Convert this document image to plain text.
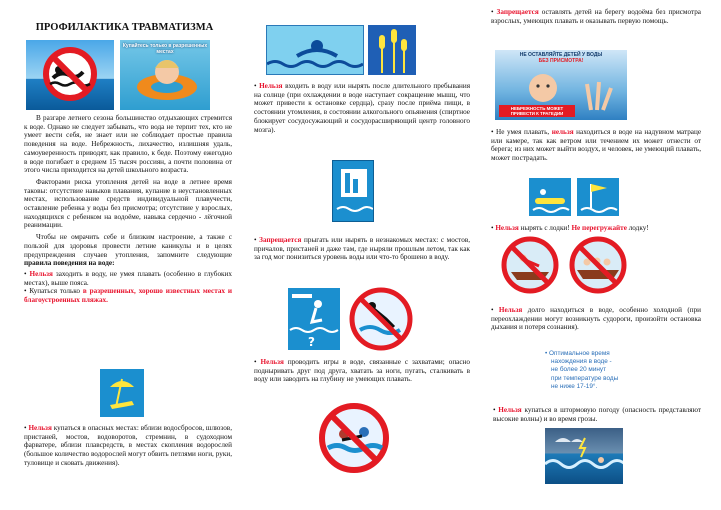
ПРОФИЛАКТИКА ТРАВМАТИЗМА
Купайтесь только в разрешенных местах

В разгаре летнего сезона большинство отдыхающих стремится к воде. Однако не следует забывать, что вода не терпит тех, кто не умеет вести себя, не знает или не соблюдает простые правила поведения на воде. Небрежность, лихачество, излишняя удаль, самоуверенность приводят, как правило, к беде. Поэтому ежегодно в воде погибает в среднем 15 тысяч россиян, а почти половина от этого числа приходится на детей школьного возраста.

Факторами риска утопления детей на воде в летнее время таковы: отсутствие навыков плавания, купание в неустановленных местах, использование средств индивидуальной плавучести, оставление ребенка у воды без присмотра; отсутствие у взрослых, находящихся с ребенком на водоёме, навыка сердечно - лёгочной реанимации.

Чтобы не омрачить себе и близким настроение, а также с пользой для здоровья провести летние каникулы и в целях предупреждения случаев утопления, запомните следующие правила поведения на воде:

• Нельзя заходить в воду, не умея плавать (особенно в глубоких местах), выше пояса.

• Купаться только в разрешенных, хорошо известных местах и благоустроенных пляжах.

• Нельзя купаться в опасных местах: вблизи водосбросов, шлюзов, пристаней, мостов, водоворотов, стремнин, в судоходном фарватере, вблизи плавсредств, в местах скопления водорослей (большое количество водорослей могут обвить петлями ноги, руки, туловище и сковать движения).

• Нельзя входить в воду или нырять после длительного пребывания на солнце (при охлаждении в воде наступает сокращение мышц, что может привести к остановке сердца), сразу после приёма пищи, в состоянии утомления, в состоянии алкогольного опьянения (спиртное блокирует сосудосужающий и сосудорасширяющий центр головного мозга).

• Запрещается прыгать или нырять в незнакомых местах: с мостов, причалов, пристаней и даже там, где ныряли прошлым летом, так как за год мог понизиться уровень воды или что-то брошено в воду.

?

• Нельзя проводить игры в воде, связанные с захватами; опасно подныривать друг под друга, хватать за ноги, пугать, сталкивать в воду или заводить на глубину не умеющих плавать.

• Запрещается оставлять детей на берегу водоёма без присмотра взрослых, умеющих плавать и оказывать первую помощь.

НЕ ОСТАВЛЯЙТЕ ДЕТЕЙ У ВОДЫ
БЕЗ ПРИСМОТРА!
НЕБРЕЖНОСТЬ МОЖЕТ
ПРИВЕСТИ К ТРАГЕДИИ

• Не умея плавать, нельзя находиться в воде на надувном матраце или камере, так как ветром или течением их может отнести от берега; из них может выйти воздух, и человек, не умеющий плавать, может пострадать.

• Нельзя нырять с лодки! Не перегружайте лодку!

• Нельзя долго находиться в воде, особенно холодной (при переохлаждении могут возникнуть судороги, произойти остановка дыхания и потеря сознания).

• Оптимальное время
нахождения в воде -
не более 20 минут
при температуре воды
не ниже 17-19°.

• Нельзя купаться в штормовую погоду (опасность представляют высокие волны) и во время грозы.
